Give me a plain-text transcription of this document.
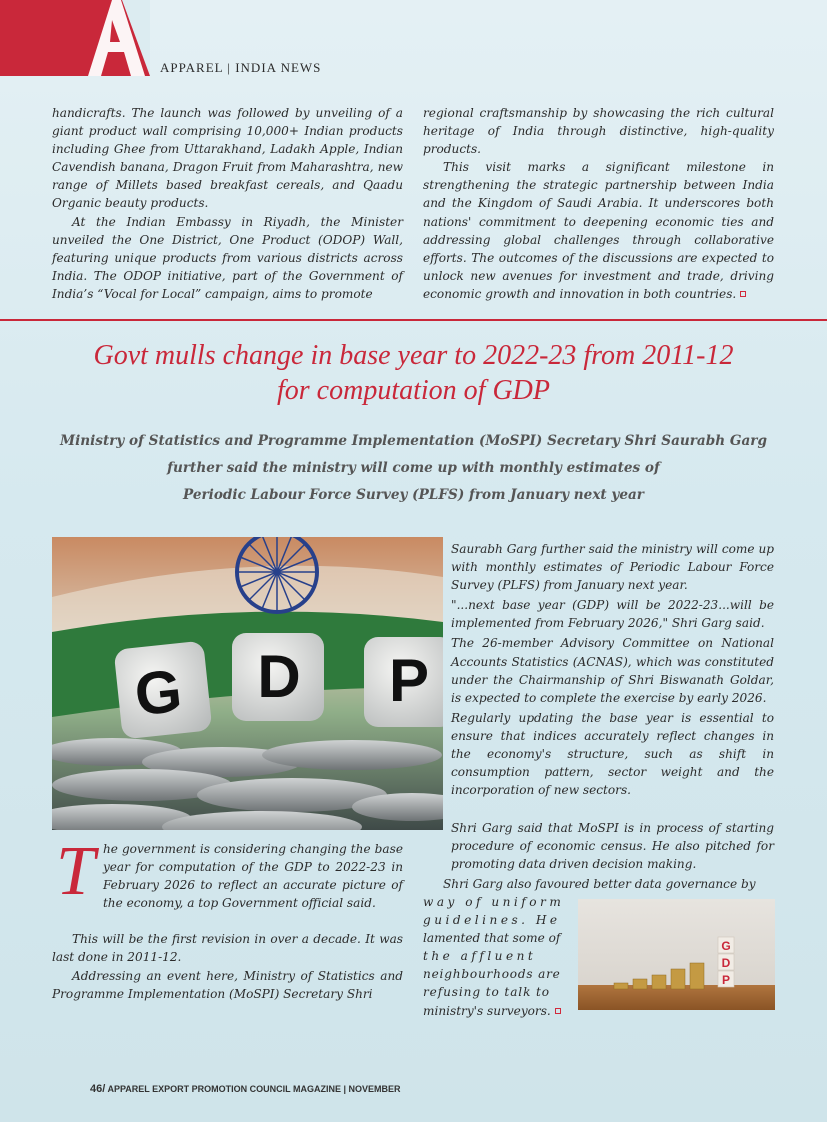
APPAREL | INDIA NEWS

handicrafts. The launch was followed by unveiling of a giant product wall comprising 10,000+ Indian products including Ghee from Uttarakhand, Ladakh Apple, Indian Cavendish banana, Dragon Fruit from Maharashtra, new range of Millets based breakfast cereals, and Qaadu Organic beauty products.

At the Indian Embassy in Riyadh, the Minister unveiled the One District, One Product (ODOP) Wall, featuring unique products from various districts across India. The ODOP initiative, part of the Government of India’s “Vocal for Local” campaign, aims to promote

regional craftsmanship by showcasing the rich cultural heritage of India through distinctive, high-quality products.

This visit marks a significant milestone in strengthening the strategic partnership between India and the Kingdom of Saudi Arabia. It underscores both nations' commitment to deepening economic ties and addressing global challenges through collaborative efforts. The outcomes of the discussions are expected to unlock new avenues for investment and trade, driving economic growth and innovation in both countries.

Govt mulls change in base year to 2022-23 from 2011-12
for computation of GDP
Ministry of Statistics and Programme Implementation (MoSPI) Secretary Shri Saurabh Garg
further said the ministry will come up with monthly estimates of
Periodic Labour Force Survey (PLFS) from January next year
G D P

The government is considering changing the base year for computation of the GDP to 2022-23 in February 2026 to reflect an accurate picture of the economy, a top Government official said.

This will be the first revision in over a decade. It was last done in 2011-12.

Addressing an event here, Ministry of Statistics and Programme Implementation (MoSPI) Secretary Shri

Saurabh Garg further said the ministry will come up with monthly estimates of Periodic Labour Force Survey (PLFS) from January next year.

"...next base year (GDP) will be 2022-23...will be implemented from February 2026," Shri Garg said.

The 26-member Advisory Committee on National Accounts Statistics (ACNAS), which was constituted under the Chairmanship of Shri Biswanath Goldar, is expected to complete the exercise by early 2026.

Regularly updating the base year is essential to ensure that indices accurately reflect changes in the economy's structure, such as shift in consumption pattern, sector weight and the incorporation of new sectors.

Shri Garg said that MoSPI is in process of starting procedure of economic census. He also pitched for promoting data driven decision making.

Shri Garg also favoured better data governance by

way of uniform
guidelines. He
lamented that some of
the affluent
neighbourhoods are
refusing to talk to
ministry's surveyors.
G
D
P
46/ APPAREL EXPORT PROMOTION COUNCIL MAGAZINE | NOVEMBER
